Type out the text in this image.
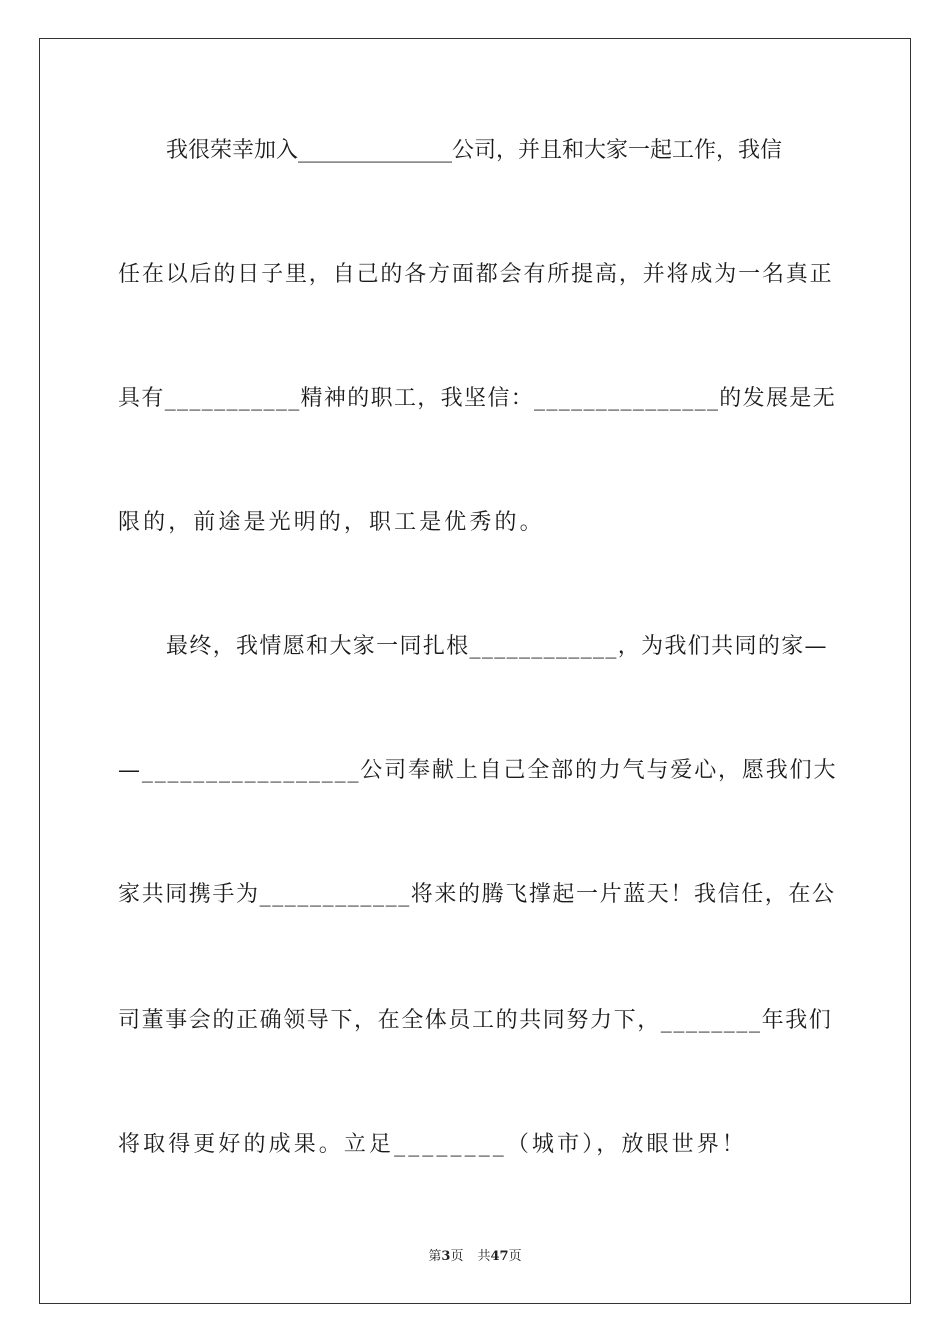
我很荣幸加入______________公司，并且和大家一起工作，我信
任在以后的日子里，自己的各方面都会有所提高，并将成为一名真正
具有___________精神的职工，我坚信：_______________的发展是无
限的，前途是光明的，职工是优秀的。
最终，我情愿和大家一同扎根____________，为我们共同的家—
—_________________公司奉献上自己全部的力气与爱心，愿我们大
家共同携手为____________将来的腾飞撑起一片蓝天！我信任，在公
司董事会的正确领导下，在全体员工的共同努力下，________年我们
将取得更好的成果。立足________（城市），放眼世界！
第3页 共47页
